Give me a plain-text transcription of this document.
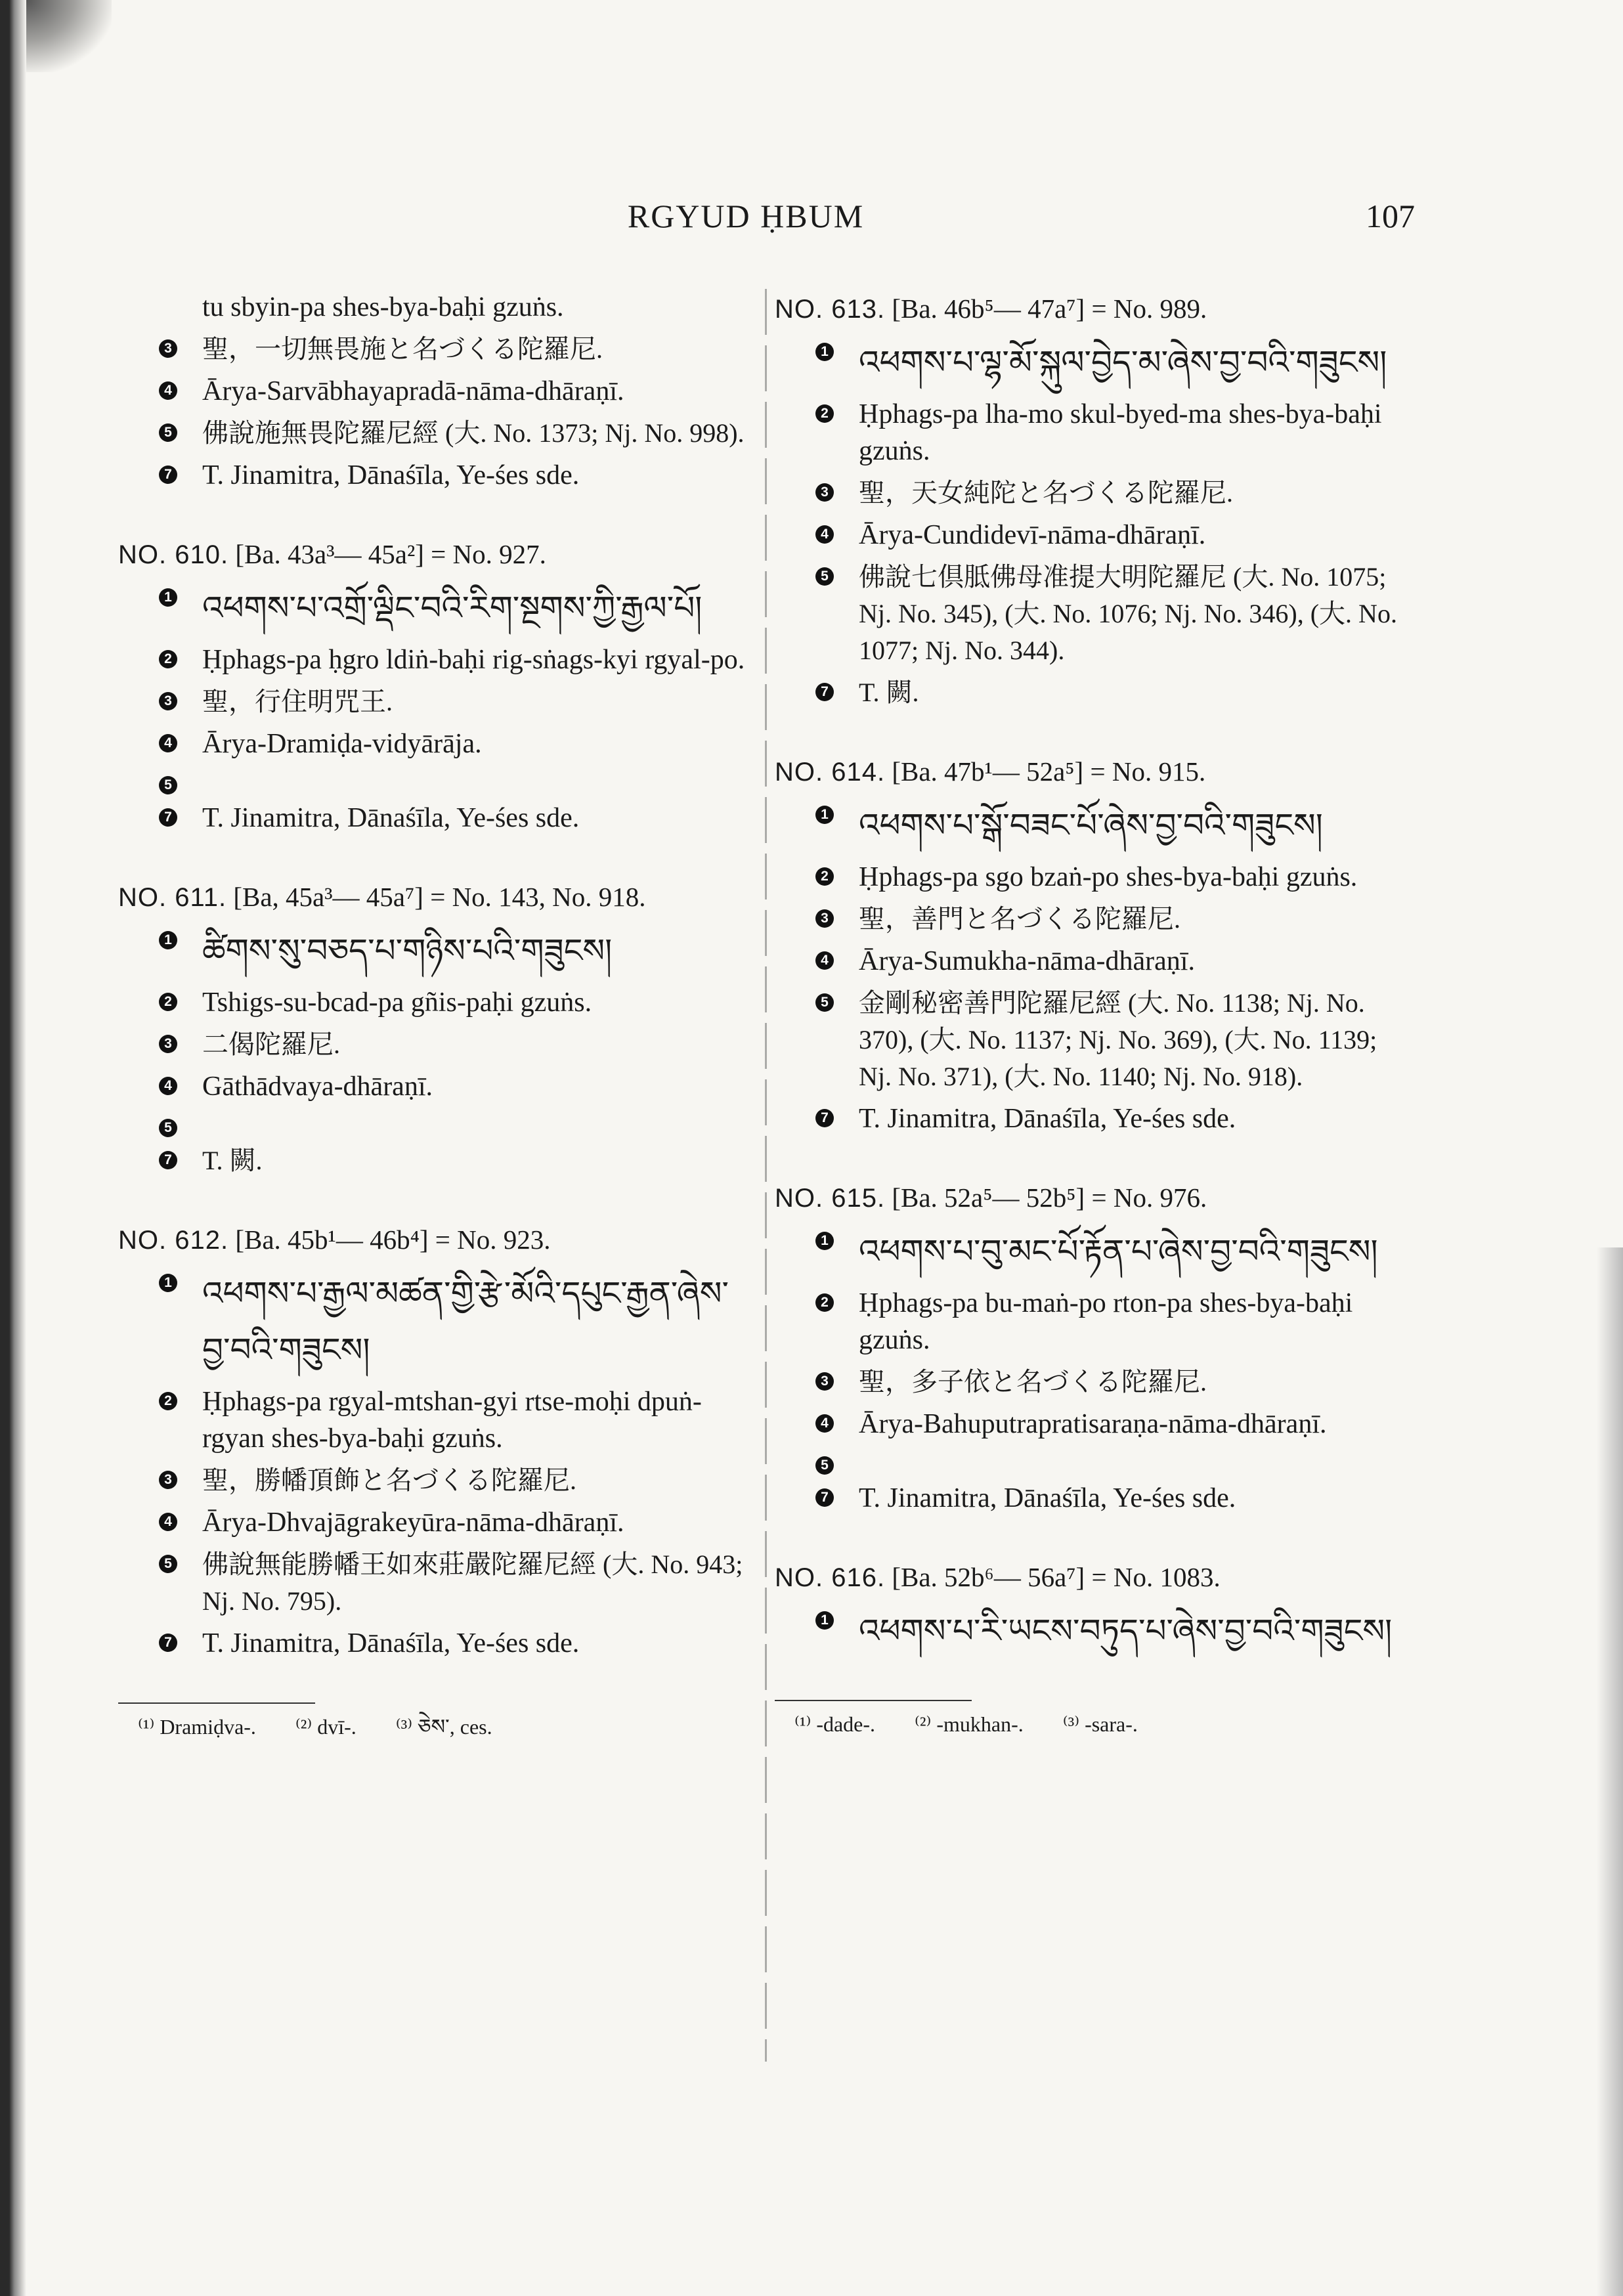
RGYUD ḤBUM	107
tu sbyin-pa shes-bya-baḥi gzuṅs.
3	聖，一切無畏施と名づくる陀羅尼.
4	Ārya-Sarvābhayapradā-nāma-dhāraṇī.
5	佛說施無畏陀羅尼經 (大. No. 1373; Nj. No. 998).
7	T. Jinamitra, Dānaśīla, Ye-śes sde.
NO. 610. [Ba. 43a³— 45a²] = No. 927.
1 འཕགས་པ་འགྲོ་ལྡིང་བའི་རིག་སྔགས་ཀྱི་རྒྱལ་པོ།
2	Ḥphags-pa ḥgro ldiṅ-baḥi rig-sṅags-kyi rgyal-po.
3	聖，行住明咒王.
4	Ārya-Dramiḍa-vidyārāja.
5
7	T. Jinamitra, Dānaśīla, Ye-śes sde.
NO. 611. [Ba, 45a³— 45a⁷] = No. 143, No. 918.
1 ཚིགས་སུ་བཅད་པ་གཉིས་པའི་གཟུངས།
2	Tshigs-su-bcad-pa gñis-paḥi gzuṅs.
3	二偈陀羅尼.
4	Gāthādvaya-dhāraṇī.
5
7	T. 闕.
NO. 612. [Ba. 45b¹— 46b⁴] = No. 923.
1 འཕགས་པ་རྒྱལ་མཚན་གྱི་རྩེ་མོའི་དཔུང་རྒྱན་ཞེས་བྱ་བའི་གཟུངས།
2	Ḥphags-pa rgyal-mtshan-gyi rtse-moḥi dpuṅ-rgyan shes-bya-baḥi gzuṅs.
3	聖，勝幡頂飾と名づくる陀羅尼.
4	Ārya-Dhvajāgrakeyūra-nāma-dhāraṇī.
5	佛說無能勝幡王如來莊嚴陀羅尼經 (大. No. 943; Nj. No. 795).
7	T. Jinamitra, Dānaśīla, Ye-śes sde.
⁽¹⁾ Dramiḍva-. ⁽²⁾ dvī-. ⁽³⁾ ཅེས་, ces.
NO. 613. [Ba. 46b⁵— 47a⁷] = No. 989.
1 འཕགས་པ་ལྷ་མོ་སྐུལ་བྱེད་མ་ཞེས་བྱ་བའི་གཟུངས།
2	Ḥphags-pa lha-mo skul-byed-ma shes-bya-baḥi gzuṅs.
3	聖，天女純陀と名づくる陀羅尼.
4	Ārya-Cundidevī-nāma-dhāraṇī.
5	佛說七倶胝佛母准提大明陀羅尼 (大. No. 1075; Nj. No. 345), (大. No. 1076; Nj. No. 346), (大. No. 1077; Nj. No. 344).
7	T. 闕.
NO. 614. [Ba. 47b¹— 52a⁵] = No. 915.
1 འཕགས་པ་སྒོ་བཟང་པོ་ཞེས་བྱ་བའི་གཟུངས།
2	Ḥphags-pa sgo bzaṅ-po shes-bya-baḥi gzuṅs.
3	聖，善門と名づくる陀羅尼.
4	Ārya-Sumukha-nāma-dhāraṇī.
5	金剛秘密善門陀羅尼經 (大. No. 1138; Nj. No. 370), (大. No. 1137; Nj. No. 369), (大. No. 1139; Nj. No. 371), (大. No. 1140; Nj. No. 918).
7	T. Jinamitra, Dānaśīla, Ye-śes sde.
NO. 615. [Ba. 52a⁵— 52b⁵] = No. 976.
1 འཕགས་པ་བུ་མང་པོ་རྟོན་པ་ཞེས་བྱ་བའི་གཟུངས།
2	Ḥphags-pa bu-maṅ-po rton-pa shes-bya-baḥi gzuṅs.
3	聖，多子依と名づくる陀羅尼.
4	Ārya-Bahuputrapratisaraṇa-nāma-dhāraṇī.
5
7	T. Jinamitra, Dānaśīla, Ye-śes sde.
NO. 616. [Ba. 52b⁶— 56a⁷] = No. 1083.
1 འཕགས་པ་རི་ཡངས་བཏུད་པ་ཞེས་བྱ་བའི་གཟུངས།
⁽¹⁾ -dade-. ⁽²⁾ -mukhan-. ⁽³⁾ -sara-.
